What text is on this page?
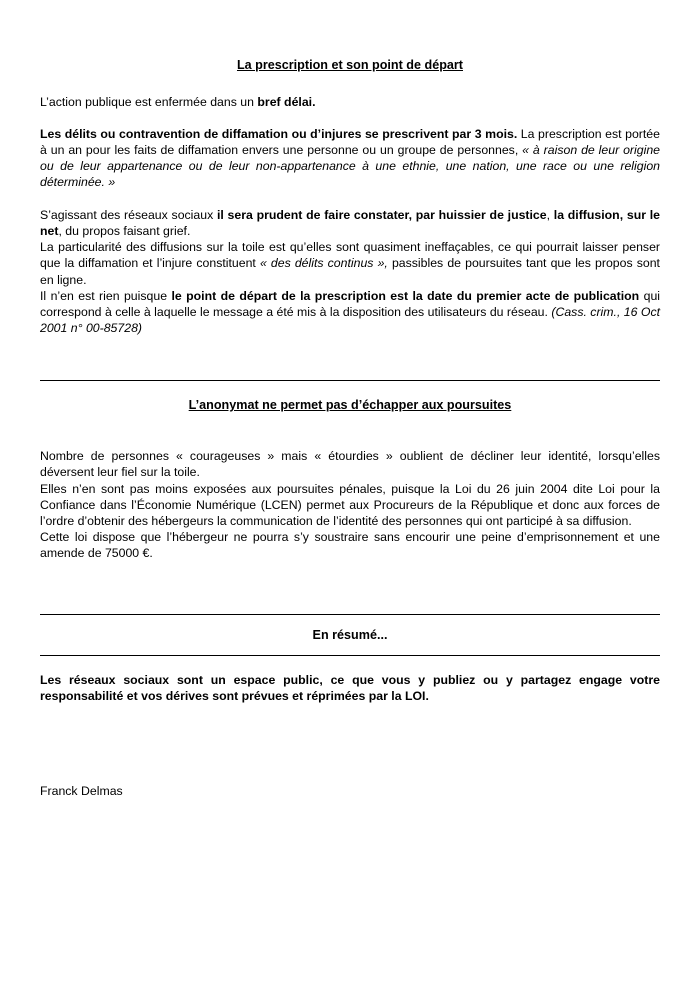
La prescription et son point de départ

L’action publique est enfermée dans un bref délai.

Les délits ou contravention de diffamation ou d’injures se prescrivent par 3 mois. La prescription est portée à un an pour les faits de diffamation envers une personne ou un groupe de personnes, « à raison de leur origine ou de leur appartenance ou de leur non-appartenance à une ethnie, une nation, une race ou une religion déterminée. »

S’agissant des réseaux sociaux il sera prudent de faire constater, par huissier de justice, la diffusion, sur le net, du propos faisant grief.

La particularité des diffusions sur la toile est qu’elles sont quasiment ineffaçables, ce qui pourrait laisser penser que la diffamation et l’injure constituent « des délits continus », passibles de poursuites tant que les propos sont en ligne.

Il n’en est rien puisque le point de départ de la prescription est la date du premier acte de publication qui correspond à celle à laquelle le message a été mis à la disposition des utilisateurs du réseau. (Cass. crim., 16 Oct 2001 n° 00-85728)

L’anonymat ne permet pas d’échapper aux poursuites

Nombre de personnes « courageuses » mais « étourdies » oublient de décliner leur identité, lorsqu’elles déversent leur fiel sur la toile.

Elles n’en sont pas moins exposées aux poursuites pénales, puisque la Loi du 26 juin 2004 dite Loi pour la Confiance dans l’Économie Numérique (LCEN) permet aux Procureurs de la République et donc aux forces de l’ordre d’obtenir des hébergeurs la communication de l’identité des personnes qui ont participé à sa diffusion.

Cette loi dispose que l’hébergeur ne pourra s’y soustraire sans encourir une peine d’emprisonnement et une amende de 75000 €.

En résumé...

Les réseaux sociaux sont un espace public, ce que vous y publiez ou y partagez engage votre responsabilité et vos dérives sont prévues et réprimées par la LOI.

Franck Delmas
